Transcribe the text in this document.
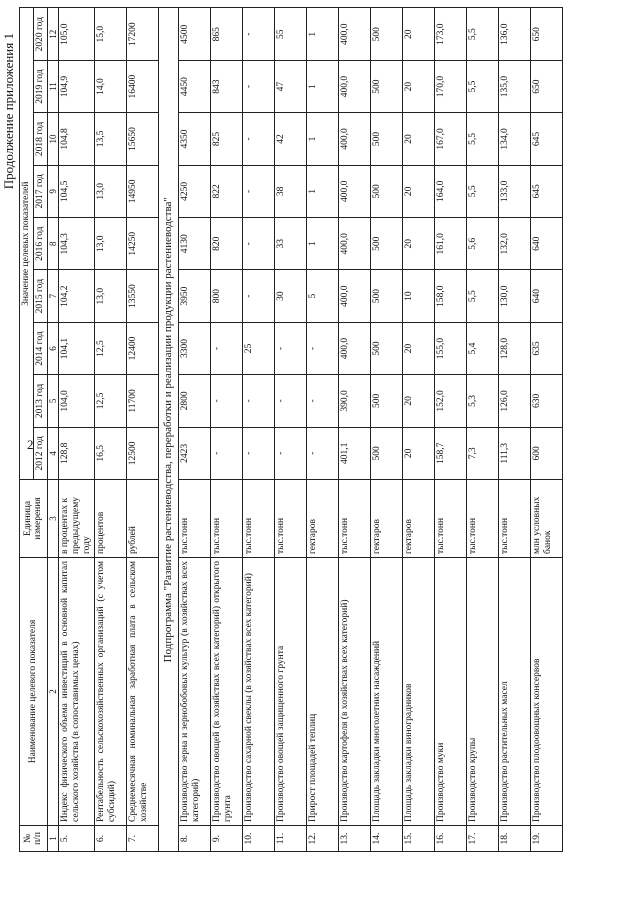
2
Продолжение приложения 1
№ п/п	Наименование целевого показателя	Единица измерения	Значение целевых показателей								
			2012 год	2013 год	2014 год	2015 год	2016 год	2017 год	2018 год	2019 год	2020 год
1	2	3	4	5	6	7	8	9	10	11	12
5.	Индекс физического объема инвестиций в основной капитал сельского хозяйства (в сопоставимых ценах)	в процентах к предыдущему году	128,8	104,0	104,1	104,2	104,3	104,5	104,8	104,9	105,0
6.	Рентабельность сельскохозяйственных организаций (с учетом субсидий)	процентов	16,5	12,5	12,5	13,0	13,0	13,0	13,5	14,0	15,0
7.	Среднемесячная номинальная заработная плата в сельском хозяйстве	рублей	12500	11700	12400	13550	14250	14950	15650	16400	17200
Подпрограмма "Развитие растениеводства, переработки и реализации продукции растениеводства"											
8.	Производство зерна и зернобобовых культур (в хозяйствах всех категорий)	тыс.тонн	2423	2800	3300	3950	4130	4250	4350	4450	4500
9.	Производство овощей (в хозяйствах всех категорий) открытого грунта	тыс.тонн	-	-	-	800	820	822	825	843	865
10.	Производство сахарной свеклы (в хозяйствах всех категорий)	тыс.тонн	-	-	25	-	-	-	-	-	-
11.	Производство овощей защищенного грунта	тыс.тонн	-	-	-	30	33	38	42	47	55
12.	Прирост площадей теплиц	гектаров	-	-	-	5	1	1	1	1	1
13.	Производство картофеля (в хозяйствах всех категорий)	тыс.тонн	401,1	390,0	400,0	400,0	400,0	400,0	400,0	400,0	400,0
14.	Площадь закладки многолетних насаждений	гектаров	500	500	500	500	500	500	500	500	500
15.	Площадь закладки виноградников	гектаров	20	20	20	10	20	20	20	20	20
16.	Производство муки	тыс.тонн	158,7	152,0	155,0	158,0	161,0	164,0	167,0	170,0	173,0
17.	Производство крупы	тыс.тонн	7,3	5,3	5,4	5,5	5,6	5,5	5,5	5,5	5,5
18.	Производство растительных масел	тыс.тонн	111,3	126,0	128,0	130,0	132,0	133,0	134,0	135,0	136,0
19.	Производство плодоовощных консервов	млн условных банок	600	630	635	640	640	645	645	650	650
